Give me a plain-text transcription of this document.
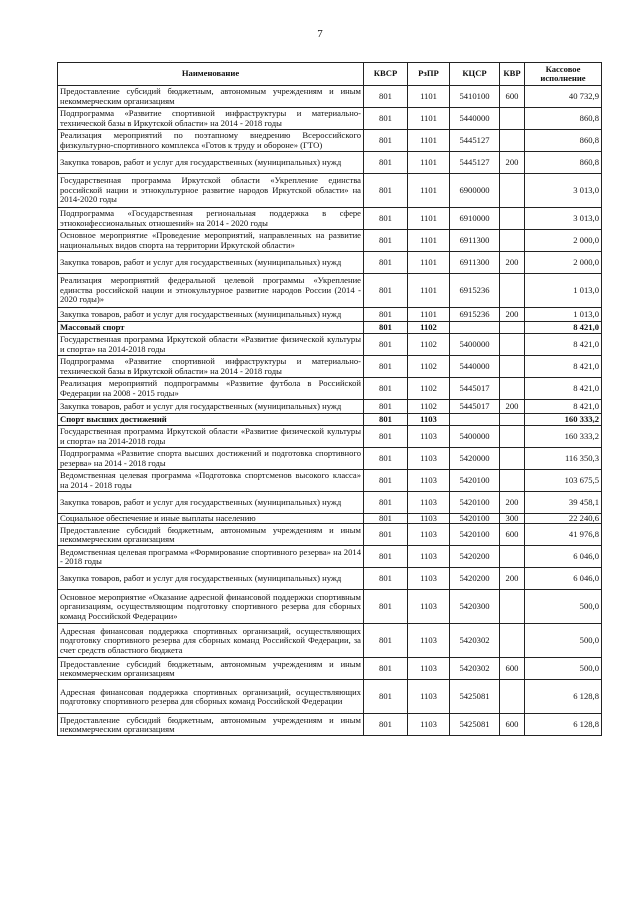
7
Наименование	КВСР	РзПР	КЦСР	КВР	Кассовое исполнение
Предоставление субсидий бюджетным, автономным учреждениям и иным некоммерческим организациям	801	1101	5410100	600	40 732,9
Подпрограмма «Развитие спортивной инфраструктуры и материально-технической базы в Иркутской области» на 2014 - 2018 годы	801	1101	5440000		860,8
Реализация мероприятий по поэтапному внедрению Всероссийского физкультурно-спортивного комплекса «Готов к труду и обороне» (ГТО)	801	1101	5445127		860,8
Закупка товаров, работ и услуг для государственных (муниципальных) нужд	801	1101	5445127	200	860,8
Государственная программа Иркутской области «Укрепление единства российской нации и этнокультурное развитие народов Иркутской области» на 2014-2020 годы	801	1101	6900000		3 013,0
Подпрограмма «Государственная региональная поддержка в сфере этноконфессиональных отношений» на 2014 - 2020 годы	801	1101	6910000		3 013,0
Основное мероприятие «Проведение мероприятий, направленных на развитие национальных видов спорта на территории Иркутской области»	801	1101	6911300		2 000,0
Закупка товаров, работ и услуг для государственных (муниципальных) нужд	801	1101	6911300	200	2 000,0
Реализация мероприятий федеральной целевой программы «Укрепление единства российской нации и этнокультурное развитие народов России (2014 - 2020 годы)»	801	1101	6915236		1 013,0
Закупка товаров, работ и услуг для государственных (муниципальных) нужд	801	1101	6915236	200	1 013,0
Массовый спорт	801	1102			8 421,0
Государственная программа Иркутской области «Развитие физической культуры и спорта» на 2014-2018 годы	801	1102	5400000		8 421,0
Подпрограмма «Развитие спортивной инфраструктуры и материально-технической базы в Иркутской области» на 2014 - 2018 годы	801	1102	5440000		8 421,0
Реализация мероприятий подпрограммы «Развитие футбола в Российской Федерации на 2008 - 2015 годы»	801	1102	5445017		8 421,0
Закупка товаров, работ и услуг для государственных (муниципальных) нужд	801	1102	5445017	200	8 421,0
Спорт высших достижений	801	1103			160 333,2
Государственная программа Иркутской области «Развитие физической культуры и спорта» на 2014-2018 годы	801	1103	5400000		160 333,2
Подпрограмма «Развитие спорта высших достижений и подготовка спортивного резерва» на 2014 - 2018 годы	801	1103	5420000		116 350,3
Ведомственная целевая программа «Подготовка спортсменов высокого класса» на 2014 - 2018 годы	801	1103	5420100		103 675,5
Закупка товаров, работ и услуг для государственных (муниципальных) нужд	801	1103	5420100	200	39 458,1
Социальное обеспечение и иные выплаты населению	801	1103	5420100	300	22 240,6
Предоставление субсидий бюджетным, автономным учреждениям и иным некоммерческим организациям	801	1103	5420100	600	41 976,8
Ведомственная целевая программа «Формирование спортивного резерва» на 2014 - 2018 годы	801	1103	5420200		6 046,0
Закупка товаров, работ и услуг для государственных (муниципальных) нужд	801	1103	5420200	200	6 046,0
Основное мероприятие «Оказание адресной финансовой поддержки спортивным организациям, осуществляющим подготовку спортивного резерва для сборных команд Российской Федерации»	801	1103	5420300		500,0
Адресная финансовая поддержка спортивных организаций, осуществляющих подготовку спортивного резерва для сборных команд Российской Федерации, за счет средств областного бюджета	801	1103	5420302		500,0
Предоставление субсидий бюджетным, автономным учреждениям и иным некоммерческим организациям	801	1103	5420302	600	500,0
Адресная финансовая поддержка спортивных организаций, осуществляющих подготовку спортивного резерва для сборных команд Российской Федерации	801	1103	5425081		6 128,8
Предоставление субсидий бюджетным, автономным учреждениям и иным некоммерческим организациям	801	1103	5425081	600	6 128,8
